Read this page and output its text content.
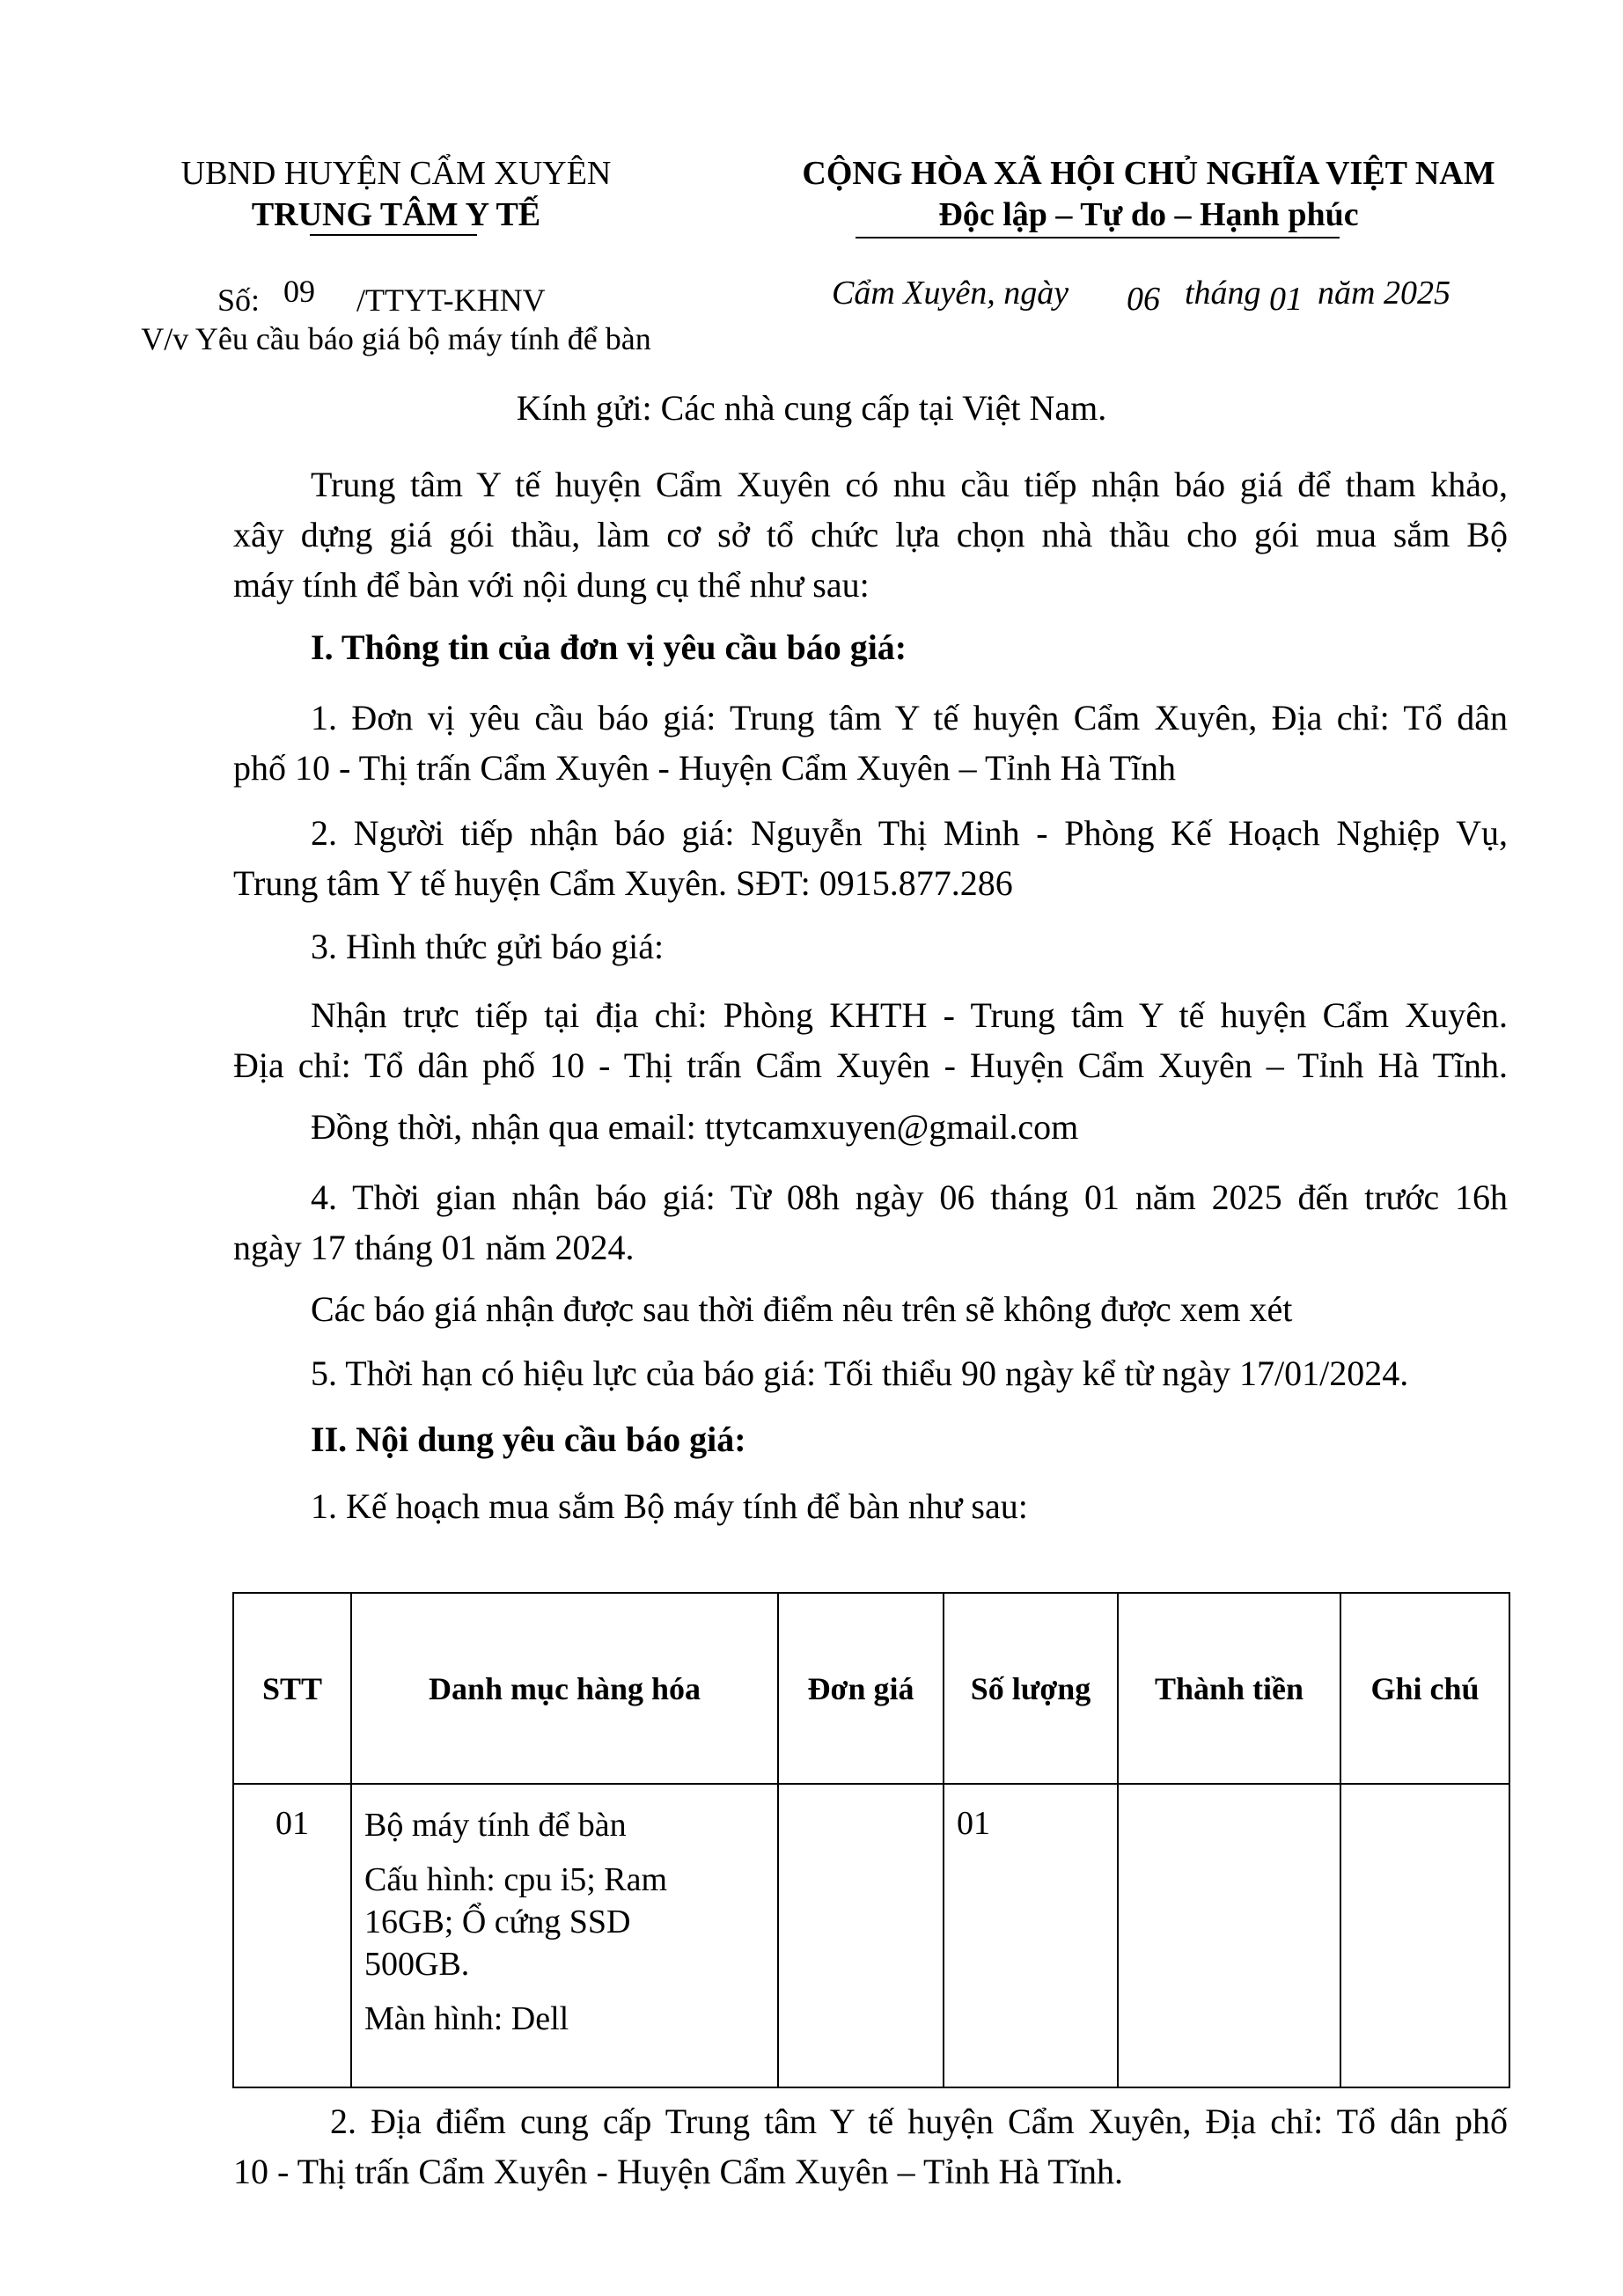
UBND HUYỆN CẨM XUYÊN
TRUNG TÂM Y TẾ
CỘNG HÒA XÃ HỘI CHỦ NGHĨA VIỆT NAM
Độc lập – Tự do – Hạnh phúc
Số: 09 /TTYT-KHNV
V/v Yêu cầu báo giá bộ máy tính để bàn
Cẩm Xuyên, ngày 06 tháng 01 năm 2025
Kính gửi: Các nhà cung cấp tại Việt Nam.
Trung tâm Y tế huyện Cẩm Xuyên có nhu cầu tiếp nhận báo giá để tham khảo,
xây dựng giá gói thầu, làm cơ sở tổ chức lựa chọn nhà thầu cho gói mua sắm Bộ
máy tính để bàn với nội dung cụ thể như sau:
I. Thông tin của đơn vị yêu cầu báo giá:
1. Đơn vị yêu cầu báo giá: Trung tâm Y tế huyện Cẩm Xuyên, Địa chỉ: Tổ dân
phố 10 - Thị trấn Cẩm Xuyên - Huyện Cẩm Xuyên – Tỉnh Hà Tĩnh
2. Người tiếp nhận báo giá: Nguyễn Thị Minh - Phòng Kế Hoạch Nghiệp Vụ,
Trung tâm Y tế huyện Cẩm Xuyên. SĐT: 0915.877.286
3. Hình thức gửi báo giá:
Nhận trực tiếp tại địa chỉ: Phòng KHTH - Trung tâm Y tế huyện Cẩm Xuyên.
Địa chỉ: Tổ dân phố 10 - Thị trấn Cẩm Xuyên - Huyện Cẩm Xuyên – Tỉnh Hà Tĩnh.
Đồng thời, nhận qua email: ttytcamxuyen@gmail.com
4. Thời gian nhận báo giá: Từ 08h ngày 06 tháng 01 năm 2025 đến trước 16h
ngày 17 tháng 01 năm 2024.
Các báo giá nhận được sau thời điểm nêu trên sẽ không được xem xét
5. Thời hạn có hiệu lực của báo giá: Tối thiểu 90 ngày kể từ ngày 17/01/2024.
II. Nội dung yêu cầu báo giá:
1. Kế hoạch mua sắm Bộ máy tính để bàn như sau:
STT	Danh mục hàng hóa	Đơn giá	Số lượng	Thành tiền	Ghi chú
01	Bộ máy tính để bàn
Cấu hình: cpu i5; Ram
16GB; Ổ cứng SSD
500GB.
Màn hình: Dell		01		
2. Địa điểm cung cấp Trung tâm Y tế huyện Cẩm Xuyên, Địa chỉ: Tổ dân phố
10 - Thị trấn Cẩm Xuyên - Huyện Cẩm Xuyên – Tỉnh Hà Tĩnh.
